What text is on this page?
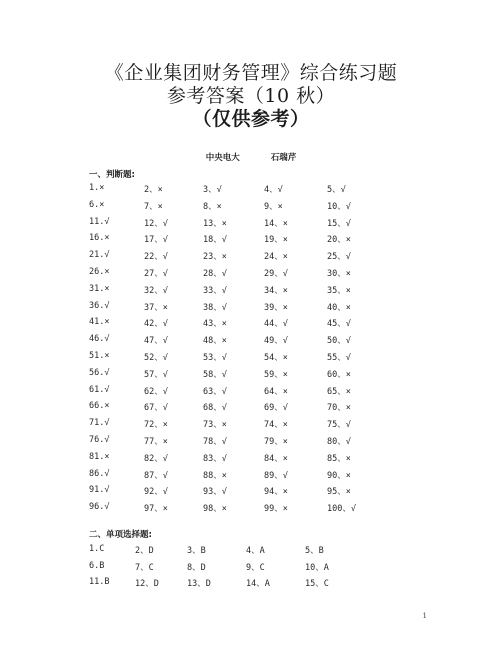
《企业集团财务管理》综合练习题
参考答案（10 秋）
（仅供参考）
中央电大	石瑞芹
一、判断题:
1.×	2、×	3、√	4、√	5、√
6.×	7、×	8、×	9、×	10、√
11.√	12、√	13、×	14、×	15、√
16.×	17、√	18、√	19、×	20、×
21.√	22、√	23、×	24、×	25、√
26.×	27、√	28、√	29、√	30、×
31.×	32、√	33、√	34、×	35、×
36.√	37、×	38、√	39、×	40、×
41.×	42、√	43、×	44、√	45、√
46.√	47、√	48、×	49、√	50、√
51.×	52、√	53、√	54、×	55、√
56.√	57、√	58、√	59、×	60、×
61.√	62、√	63、√	64、×	65、×
66.×	67、√	68、√	69、√	70、×
71.√	72、×	73、×	74、×	75、√
76.√	77、×	78、√	79、×	80、√
81.×	82、√	83、√	84、×	85、×
86.√	87、√	88、×	89、√	90、×
91.√	92、√	93、√	94、×	95、×
96.√	97、×	98、×	99、×	100、√
二、单项选择题:
1.C	2、D	3、B	4、A	5、B
6.B	7、C	8、D	9、C	10、A
11.B	12、D	13、D	14、A	15、C
1
